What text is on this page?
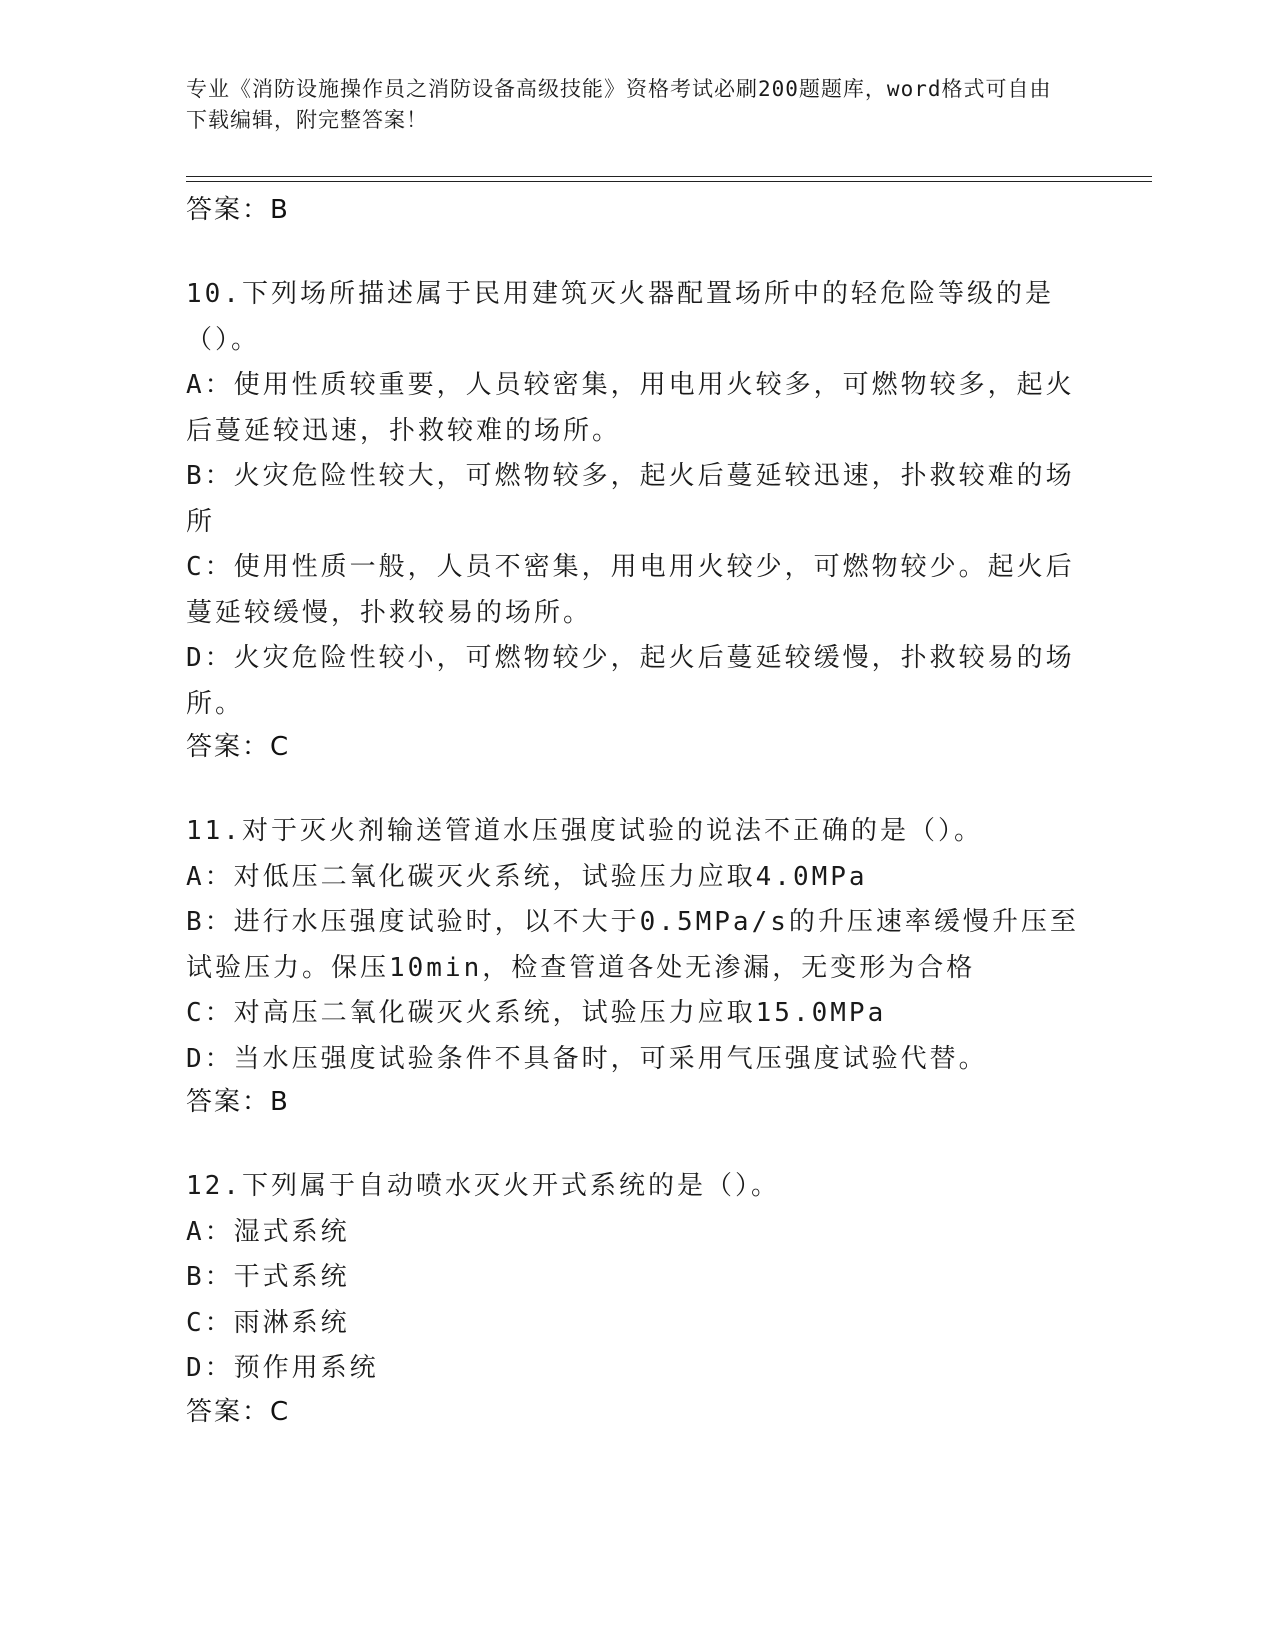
专业《消防设施操作员之消防设备高级技能》资格考试必刷200题题库，word格式可自由下载编辑，附完整答案！
答案：B
10.下列场所描述属于民用建筑灭火器配置场所中的轻危险等级的是（）。
A：使用性质较重要，人员较密集，用电用火较多，可燃物较多，起火后蔓延较迅速，扑救较难的场所。
B：火灾危险性较大，可燃物较多，起火后蔓延较迅速，扑救较难的场所
C：使用性质一般，人员不密集，用电用火较少，可燃物较少。起火后蔓延较缓慢，扑救较易的场所。
D：火灾危险性较小，可燃物较少，起火后蔓延较缓慢，扑救较易的场所。
答案：C
11.对于灭火剂输送管道水压强度试验的说法不正确的是（）。
A：对低压二氧化碳灭火系统，试验压力应取4.0MPa
B：进行水压强度试验时，以不大于0.5MPa/s的升压速率缓慢升压至试验压力。保压10min，检查管道各处无渗漏，无变形为合格
C：对高压二氧化碳灭火系统，试验压力应取15.0MPa
D：当水压强度试验条件不具备时，可采用气压强度试验代替。
答案：B
12.下列属于自动喷水灭火开式系统的是（）。
A：湿式系统
B：干式系统
C：雨淋系统
D：预作用系统
答案：C
